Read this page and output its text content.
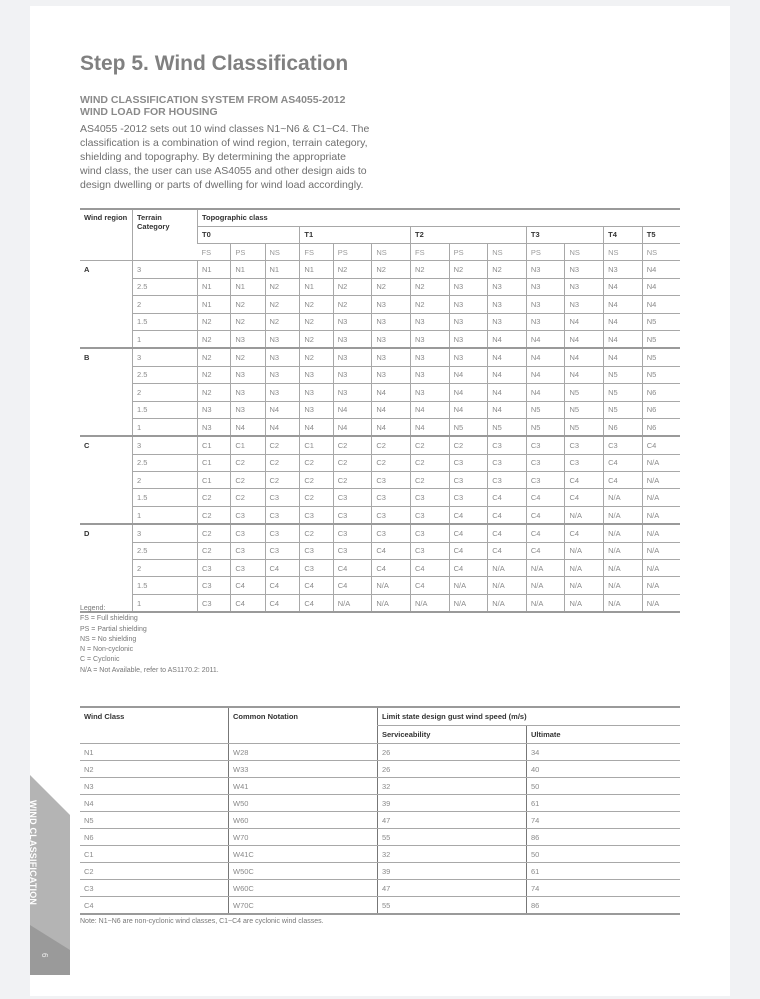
Step 5. Wind Classification
WIND CLASSIFICATION SYSTEM FROM AS4055-2012
WIND LOAD FOR HOUSING

AS4055 -2012 sets out 10 wind classes N1~N6 & C1~C4. The classification is a combination of wind region, terrain category, shielding and topography. By determining the appropriate wind class, the user can use AS4055 and other design aids to design dwelling or parts of dwelling for wind load accordingly.

Wind region	Terrain Category	Topographic class												
		T0			T1			T2			T3		T4	T5
		FS	PS	NS	FS	PS	NS	FS	PS	NS	PS	NS	NS	NS
A	3	N1	N1	N1	N1	N2	N2	N2	N2	N2	N3	N3	N3	N4
	2.5	N1	N1	N2	N1	N2	N2	N2	N3	N3	N3	N3	N4	N4
	2	N1	N2	N2	N2	N2	N3	N2	N3	N3	N3	N3	N4	N4
	1.5	N2	N2	N2	N2	N3	N3	N3	N3	N3	N3	N4	N4	N5
	1	N2	N3	N3	N2	N3	N3	N3	N3	N4	N4	N4	N4	N5
B	3	N2	N2	N3	N2	N3	N3	N3	N3	N4	N4	N4	N4	N5
	2.5	N2	N3	N3	N3	N3	N3	N3	N4	N4	N4	N4	N5	N5
	2	N2	N3	N3	N3	N3	N4	N3	N4	N4	N4	N5	N5	N6
	1.5	N3	N3	N4	N3	N4	N4	N4	N4	N4	N5	N5	N5	N6
	1	N3	N4	N4	N4	N4	N4	N4	N5	N5	N5	N5	N6	N6
C	3	C1	C1	C2	C1	C2	C2	C2	C2	C3	C3	C3	C3	C4
	2.5	C1	C2	C2	C2	C2	C2	C2	C3	C3	C3	C3	C4	N/A
	2	C1	C2	C2	C2	C2	C3	C2	C3	C3	C3	C4	C4	N/A
	1.5	C2	C2	C3	C2	C3	C3	C3	C3	C4	C4	C4	N/A	N/A
	1	C2	C3	C3	C3	C3	C3	C3	C4	C4	C4	N/A	N/A	N/A
D	3	C2	C3	C3	C2	C3	C3	C3	C4	C4	C4	C4	N/A	N/A
	2.5	C2	C3	C3	C3	C3	C4	C3	C4	C4	C4	N/A	N/A	N/A
	2	C3	C3	C4	C3	C4	C4	C4	C4	N/A	N/A	N/A	N/A	N/A
	1.5	C3	C4	C4	C4	C4	N/A	C4	N/A	N/A	N/A	N/A	N/A	N/A
	1	C3	C4	C4	C4	N/A	N/A	N/A	N/A	N/A	N/A	N/A	N/A	N/A
Legend:
FS = Full shielding
PS = Partial shielding
NS = No shielding
N = Non-cyclonic
C = Cyclonic
N/A = Not Available, refer to AS1170.2: 2011.
Wind Class	Common Notation	Limit state design gust wind speed (m/s)	
		Serviceability	Ultimate
N1	W28	26	34
N2	W33	26	40
N3	W41	32	50
N4	W50	39	61
N5	W60	47	74
N6	W70	55	86
C1	W41C	32	50
C2	W50C	39	61
C3	W60C	47	74
C4	W70C	55	86
Note: N1~N6 are non-cyclonic wind classes, C1~C4 are cyclonic wind classes.
WIND CLASSIFICATION
6
